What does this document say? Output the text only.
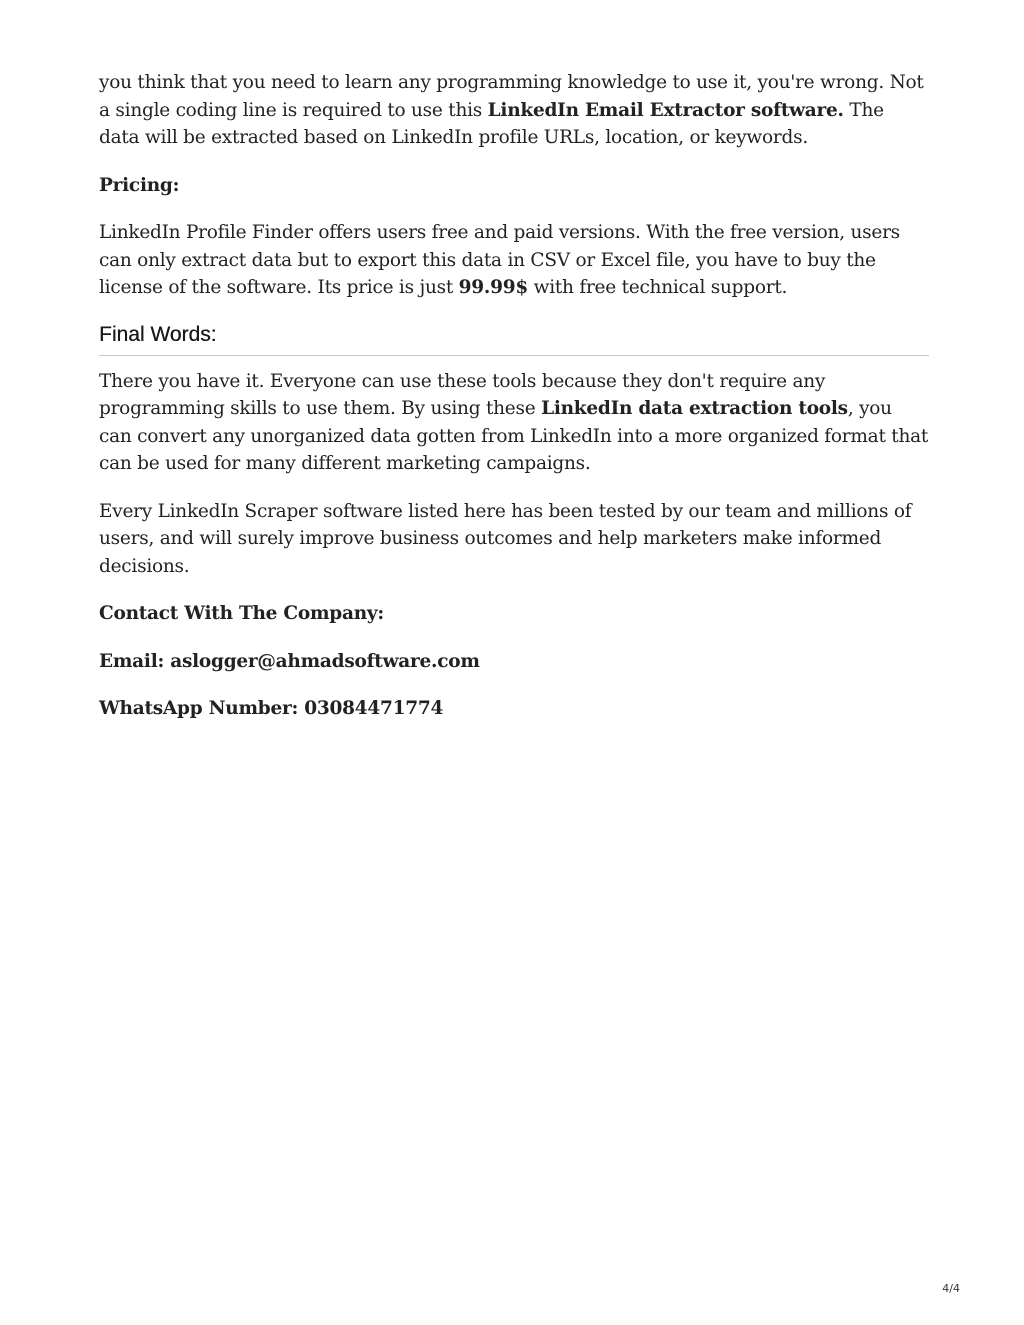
you think that you need to learn any programming knowledge to use it, you're wrong. Not a single coding line is required to use this LinkedIn Email Extractor software. The data will be extracted based on LinkedIn profile URLs, location, or keywords.

Pricing:

LinkedIn Profile Finder offers users free and paid versions. With the free version, users can only extract data but to export this data in CSV or Excel file, you have to buy the license of the software. Its price is just 99.99$ with free technical support.

Final Words:

There you have it. Everyone can use these tools because they don't require any programming skills to use them. By using these LinkedIn data extraction tools, you can convert any unorganized data gotten from LinkedIn into a more organized format that can be used for many different marketing campaigns.

Every LinkedIn Scraper software listed here has been tested by our team and millions of users, and will surely improve business outcomes and help marketers make informed decisions.

Contact With The Company:
Email: aslogger@ahmadsoftware.com
WhatsApp Number: 03084471774
4/4
